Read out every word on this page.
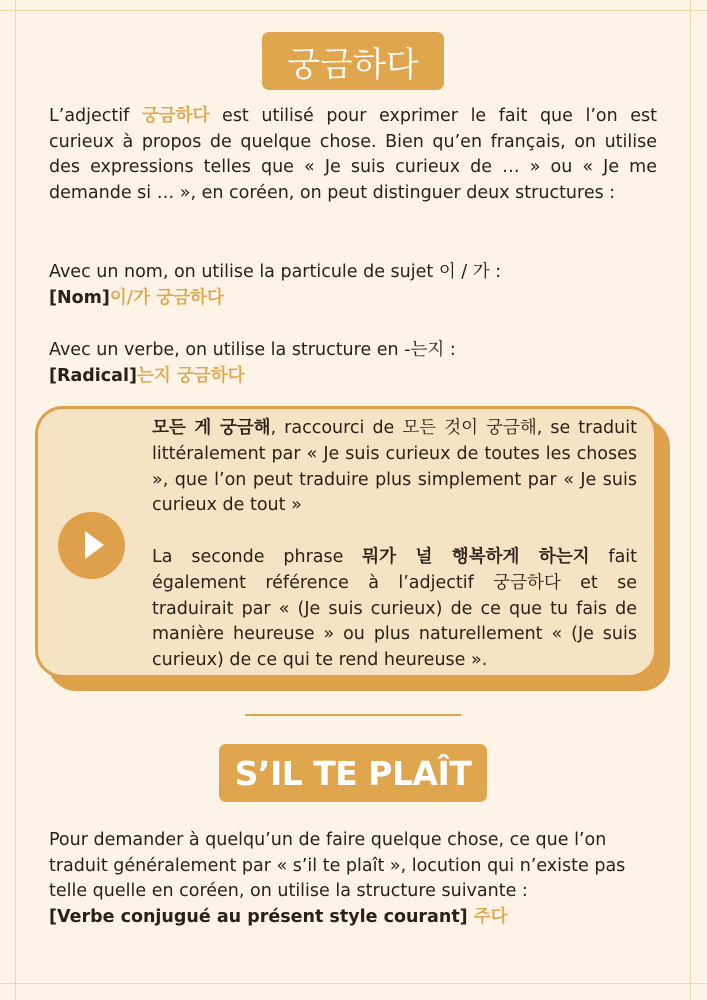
궁금하다

L’adjectif 궁금하다 est utilisé pour exprimer le fait que l’on est curieux à propos de quelque chose. Bien qu’en français, on utilise des expressions telles que « Je suis curieux de … » ou « Je me demande si … », en coréen, on peut distinguer deux structures :

Avec un nom, on utilise la particule de sujet 이 / 가 :
[Nom]이/가 궁금하다

Avec un verbe, on utilise la structure en -는지 :
[Radical]는지 궁금하다

모든 게 궁금해, raccourci de 모든 것이 궁금해, se traduit littéralement par « Je suis curieux de toutes les choses », que l’on peut traduire plus simplement par « Je suis curieux de tout »

La seconde phrase 뭐가 널 행복하게 하는지 fait également référence à l’adjectif 궁금하다 et se traduirait par « (Je suis curieux) de ce que tu fais de manière heureuse » ou plus naturellement « (Je suis curieux) de ce qui te rend heureuse ».

S’IL TE PLAÎT

Pour demander à quelqu’un de faire quelque chose, ce que l’on traduit généralement par « s’il te plaît », locution qui n’existe pas telle quelle en coréen, on utilise la structure suivante :
[Verbe conjugué au présent style courant] 주다
